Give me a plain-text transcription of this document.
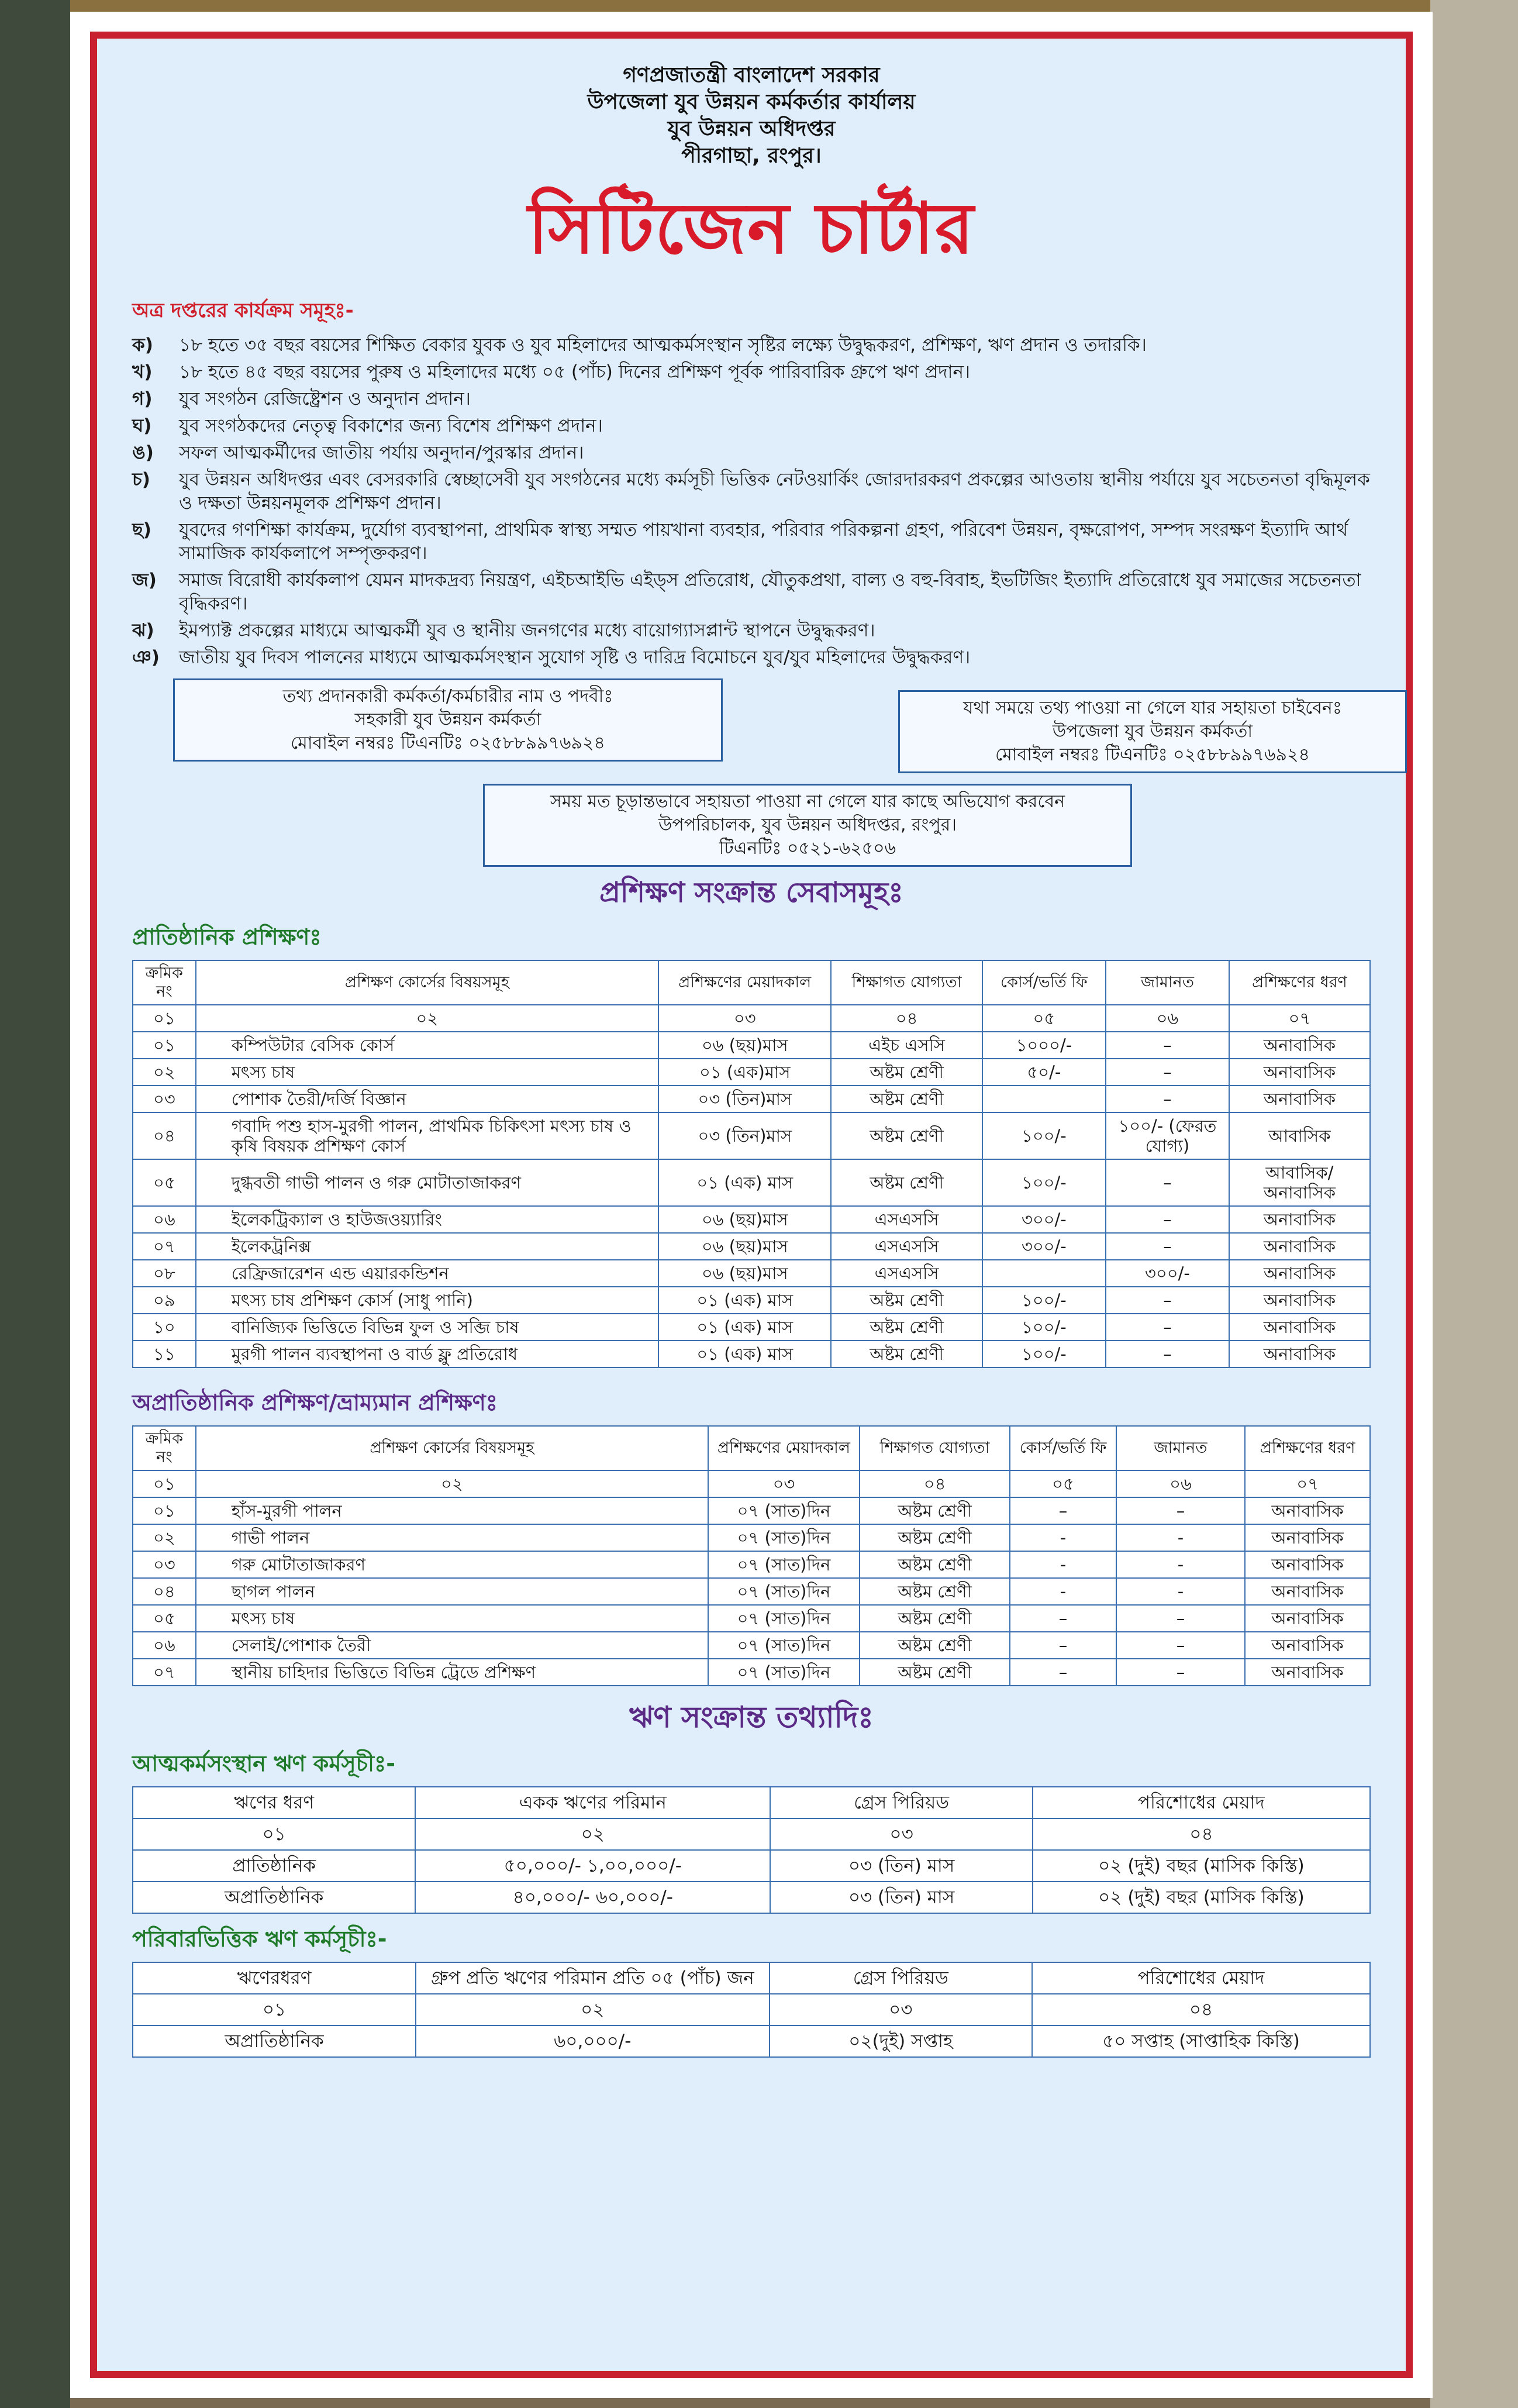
গণপ্রজাতন্ত্রী বাংলাদেশ সরকার
উপজেলা যুব উন্নয়ন কর্মকর্তার কার্যালয়
যুব উন্নয়ন অধিদপ্তর
পীরগাছা, রংপুর।
সিটিজেন চার্টার
অত্র দপ্তরের কার্যক্রম সমূহঃ-
ক)	১৮ হতে ৩৫ বছর বয়সের শিক্ষিত বেকার যুবক ও যুব মহিলাদের আত্মকর্মসংস্থান সৃষ্টির লক্ষ্যে উদ্বুদ্ধকরণ, প্রশিক্ষণ, ঋণ প্রদান ও তদারকি।
খ)	১৮ হতে ৪৫ বছর বয়সের পুরুষ ও মহিলাদের মধ্যে ০৫ (পাঁচ) দিনের প্রশিক্ষণ পূর্বক পারিবারিক গ্রুপে ঋণ প্রদান।
গ)	যুব সংগঠন রেজিষ্ট্রেশন ও অনুদান প্রদান।
ঘ)	যুব সংগঠকদের নেতৃত্ব বিকাশের জন্য বিশেষ প্রশিক্ষণ প্রদান।
ঙ)	সফল আত্মকর্মীদের জাতীয় পর্যায় অনুদান/পুরস্কার প্রদান।
চ)	যুব উন্নয়ন অধিদপ্তর এবং বেসরকারি স্বেচ্ছাসেবী যুব সংগঠনের মধ্যে কর্মসূচী ভিত্তিক নেটওয়ার্কিং জোরদারকরণ প্রকল্পের আওতায় স্থানীয় পর্যায়ে যুব সচেতনতা বৃদ্ধিমূলক ও দক্ষতা উন্নয়নমূলক প্রশিক্ষণ প্রদান।
ছ)	যুবদের গণশিক্ষা কার্যক্রম, দুর্যোগ ব্যবস্থাপনা, প্রাথমিক স্বাস্থ্য সম্মত পায়খানা ব্যবহার, পরিবার পরিকল্পনা গ্রহণ, পরিবেশ উন্নয়ন, বৃক্ষরোপণ, সম্পদ সংরক্ষণ ইত্যাদি আর্থ সামাজিক কার্যকলাপে সম্পৃক্তকরণ।
জ)	সমাজ বিরোধী কার্যকলাপ যেমন মাদকদ্রব্য নিয়ন্ত্রণ, এইচআইভি এইড্স প্রতিরোধ, যৌতুকপ্রথা, বাল্য ও বহু-বিবাহ, ইভটিজিং ইত্যাদি প্রতিরোধে যুব সমাজের সচেতনতা বৃদ্ধিকরণ।
ঝ)	ইমপ্যাক্ট প্রকল্পের মাধ্যমে আত্মকর্মী যুব ও স্থানীয় জনগণের মধ্যে বায়োগ্যাসপ্লান্ট স্থাপনে উদ্বুদ্ধকরণ।
ঞ)	জাতীয় যুব দিবস পালনের মাধ্যমে আত্মকর্মসংস্থান সুযোগ সৃষ্টি ও দারিদ্র বিমোচনে যুব/যুব মহিলাদের উদ্বুদ্ধকরণ।
তথ্য প্রদানকারী কর্মকর্তা/কর্মচারীর নাম ও পদবীঃ
সহকারী যুব উন্নয়ন কর্মকর্তা
মোবাইল নম্বরঃ টিএনটিঃ ০২৫৮৮৯৯৭৬৯২৪
যথা সময়ে তথ্য পাওয়া না গেলে যার সহায়তা চাইবেনঃ
উপজেলা যুব উন্নয়ন কর্মকর্তা
মোবাইল নম্বরঃ টিএনটিঃ ০২৫৮৮৯৯৭৬৯২৪
সময় মত চূড়ান্তভাবে সহায়তা পাওয়া না গেলে যার কাছে অভিযোগ করবেন
উপপরিচালক, যুব উন্নয়ন অধিদপ্তর, রংপুর।
টিএনটিঃ ০৫২১-৬২৫০৬
প্রশিক্ষণ সংক্রান্ত সেবাসমূহঃ
প্রাতিষ্ঠানিক প্রশিক্ষণঃ
ক্রমিক নং	প্রশিক্ষণ কোর্সের বিষয়সমূহ	প্রশিক্ষণের মেয়াদকাল	শিক্ষাগত যোগ্যতা	কোর্স/ভর্তি ফি	জামানত	প্রশিক্ষণের ধরণ
০১	০২	০৩	০৪	০৫	০৬	০৭
০১	কম্পিউটার বেসিক কোর্স	০৬ (ছয়)মাস	এইচ এসসি	১০০০/-	–	অনাবাসিক
০২	মৎস্য চাষ	০১ (এক)মাস	অষ্টম শ্রেণী	৫০/-	–	অনাবাসিক
০৩	পোশাক তৈরী/দর্জি বিজ্ঞান	০৩ (তিন)মাস	অষ্টম শ্রেণী		–	অনাবাসিক
০৪	গবাদি পশু হাস-মুরগী পালন, প্রাথমিক চিকিৎসা মৎস্য চাষ ও কৃষি বিষয়ক প্রশিক্ষণ কোর্স	০৩ (তিন)মাস	অষ্টম শ্রেণী	১০০/-	১০০/- (ফেরত যোগ্য)	আবাসিক
০৫	দুগ্ধবতী গাভী পালন ও গরু মোটাতাজাকরণ	০১ (এক) মাস	অষ্টম শ্রেণী	১০০/-	–	আবাসিক/অনাবাসিক
০৬	ইলেকট্রিক্যাল ও হাউজওয়্যারিং	০৬ (ছয়)মাস	এসএসসি	৩০০/-	–	অনাবাসিক
০৭	ইলেকট্রনিক্স	০৬ (ছয়)মাস	এসএসসি	৩০০/-	–	অনাবাসিক
০৮	রেফ্রিজারেশন এন্ড এয়ারকন্ডিশন	০৬ (ছয়)মাস	এসএসসি		৩০০/-	অনাবাসিক
০৯	মৎস্য চাষ প্রশিক্ষণ কোর্স (সাধু পানি)	০১ (এক) মাস	অষ্টম শ্রেণী	১০০/-	–	অনাবাসিক
১০	বানিজ্যিক ভিত্তিতে বিভিন্ন ফুল ও সব্জি চাষ	০১ (এক) মাস	অষ্টম শ্রেণী	১০০/-	–	অনাবাসিক
১১	মুরগী পালন ব্যবস্থাপনা ও বার্ড ফ্লু প্রতিরোধ	০১ (এক) মাস	অষ্টম শ্রেণী	১০০/-	–	অনাবাসিক
অপ্রাতিষ্ঠানিক প্রশিক্ষণ/ভ্রাম্যমান প্রশিক্ষণঃ
ক্রমিক নং	প্রশিক্ষণ কোর্সের বিষয়সমূহ	প্রশিক্ষণের মেয়াদকাল	শিক্ষাগত যোগ্যতা	কোর্স/ভর্তি ফি	জামানত	প্রশিক্ষণের ধরণ
০১	০২	০৩	০৪	০৫	০৬	০৭
০১	হাঁস-মুরগী পালন	০৭ (সাত)দিন	অষ্টম শ্রেণী	–	–	অনাবাসিক
০২	গাভী পালন	০৭ (সাত)দিন	অষ্টম শ্রেণী	-	-	অনাবাসিক
০৩	গরু মোটাতাজাকরণ	০৭ (সাত)দিন	অষ্টম শ্রেণী	-	-	অনাবাসিক
০৪	ছাগল পালন	০৭ (সাত)দিন	অষ্টম শ্রেণী	-	-	অনাবাসিক
০৫	মৎস্য চাষ	০৭ (সাত)দিন	অষ্টম শ্রেণী	–	–	অনাবাসিক
০৬	সেলাই/পোশাক তৈরী	০৭ (সাত)দিন	অষ্টম শ্রেণী	–	–	অনাবাসিক
০৭	স্থানীয় চাহিদার ভিত্তিতে বিভিন্ন ট্রেডে প্রশিক্ষণ	০৭ (সাত)দিন	অষ্টম শ্রেণী	–	–	অনাবাসিক
ঋণ সংক্রান্ত তথ্যাদিঃ
আত্মকর্মসংস্থান ঋণ কর্মসূচীঃ-
ঋণের ধরণ	একক ঋণের পরিমান	গ্রেস পিরিয়ড	পরিশোধের মেয়াদ
০১	০২	০৩	০৪
প্রাতিষ্ঠানিক	৫০,০০০/- ১,০০,০০০/-	০৩ (তিন) মাস	০২ (দুই) বছর (মাসিক কিস্তি)
অপ্রাতিষ্ঠানিক	৪০,০০০/- ৬০,০০০/-	০৩ (তিন) মাস	০২ (দুই) বছর (মাসিক কিস্তি)
পরিবারভিত্তিক ঋণ কর্মসূচীঃ-
ঋণেরধরণ	গ্রুপ প্রতি ঋণের পরিমান প্রতি ০৫ (পাঁচ) জন	গ্রেস পিরিয়ড	পরিশোধের মেয়াদ
০১	০২	০৩	০৪
অপ্রাতিষ্ঠানিক	৬০,০০০/-	০২(দুই) সপ্তাহ	৫০ সপ্তাহ (সাপ্তাহিক কিস্তি)
